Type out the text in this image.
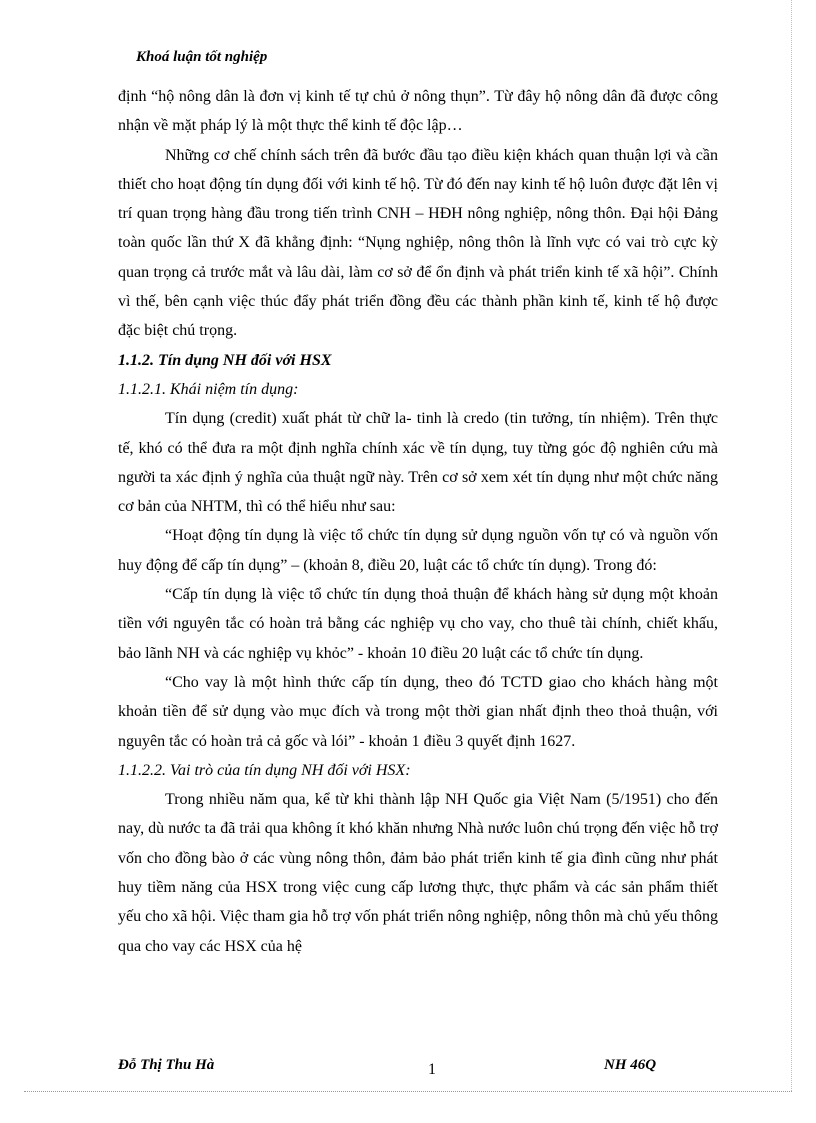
Khoá luận tốt nghiệp

định “hộ nông dân là đơn vị kinh tế tự chủ ở nông thụn”. Từ đây hộ nông dân đã được công nhận về mặt pháp lý là một thực thể kinh tế độc lập…

Những cơ chế chính sách trên đã bước đầu tạo điều kiện khách quan thuận lợi và cần thiết cho hoạt động tín dụng đối với kinh tế hộ. Từ đó đến nay kinh tế hộ luôn được đặt lên vị trí quan trọng hàng đầu trong tiến trình CNH – HĐH nông nghiệp, nông thôn. Đại hội Đảng toàn quốc lần thứ X đã khẳng định: “Nụng nghiệp, nông thôn là lĩnh vực có vai trò cực kỳ quan trọng cả trước mắt và lâu dài, làm cơ sở để ổn định và phát triển kinh tế xã hội”. Chính vì thế, bên cạnh việc thúc đẩy phát triển đồng đều các thành phần kinh tế, kinh tế hộ được đặc biệt chú trọng.

1.1.2. Tín dụng NH đối với HSX

1.1.2.1. Khái niệm tín dụng:

Tín dụng (credit) xuất phát từ chữ la- tinh là credo (tin tưởng, tín nhiệm). Trên thực tế, khó có thể đưa ra một định nghĩa chính xác về tín dụng, tuy từng góc độ nghiên cứu mà người ta xác định ý nghĩa của thuật ngữ này. Trên cơ sở xem xét tín dụng như một chức năng cơ bản của NHTM, thì có thể hiểu như sau:

“Hoạt động tín dụng là việc tổ chức tín dụng sử dụng nguồn vốn tự có và nguồn vốn huy động để cấp tín dụng” – (khoản 8, điều 20, luật các tổ chức tín dụng). Trong đó:

“Cấp tín dụng là việc tổ chức tín dụng thoả thuận để khách hàng sử dụng một khoản tiền với nguyên tắc có hoàn trả bằng các nghiệp vụ cho vay, cho thuê tài chính, chiết khấu, bảo lãnh NH và các nghiệp vụ khỏc” - khoản 10 điều 20 luật các tổ chức tín dụng.

“Cho vay là một hình thức cấp tín dụng, theo đó TCTD giao cho khách hàng một khoản tiền để sử dụng vào mục đích và trong một thời gian nhất định theo thoả thuận, với nguyên tắc có hoàn trả cả gốc và lói” - khoản 1 điều 3 quyết định 1627.

1.1.2.2. Vai trò của tín dụng NH đối với HSX:

Trong nhiều năm qua, kể từ khi thành lập NH Quốc gia Việt Nam (5/1951) cho đến nay, dù nước ta đã trải qua không ít khó khăn nhưng Nhà nước luôn chú trọng đến việc hỗ trợ vốn cho đồng bào ở các vùng nông thôn, đảm bảo phát triển kinh tế gia đình cũng như phát huy tiềm năng của HSX trong việc cung cấp lương thực, thực phẩm và các sản phẩm thiết yếu cho xã hội. Việc tham gia hỗ trợ vốn phát triển nông nghiệp, nông thôn mà chủ yếu thông qua cho vay các HSX của hệ

Đỗ Thị Thu Hà	1	NH 46Q
